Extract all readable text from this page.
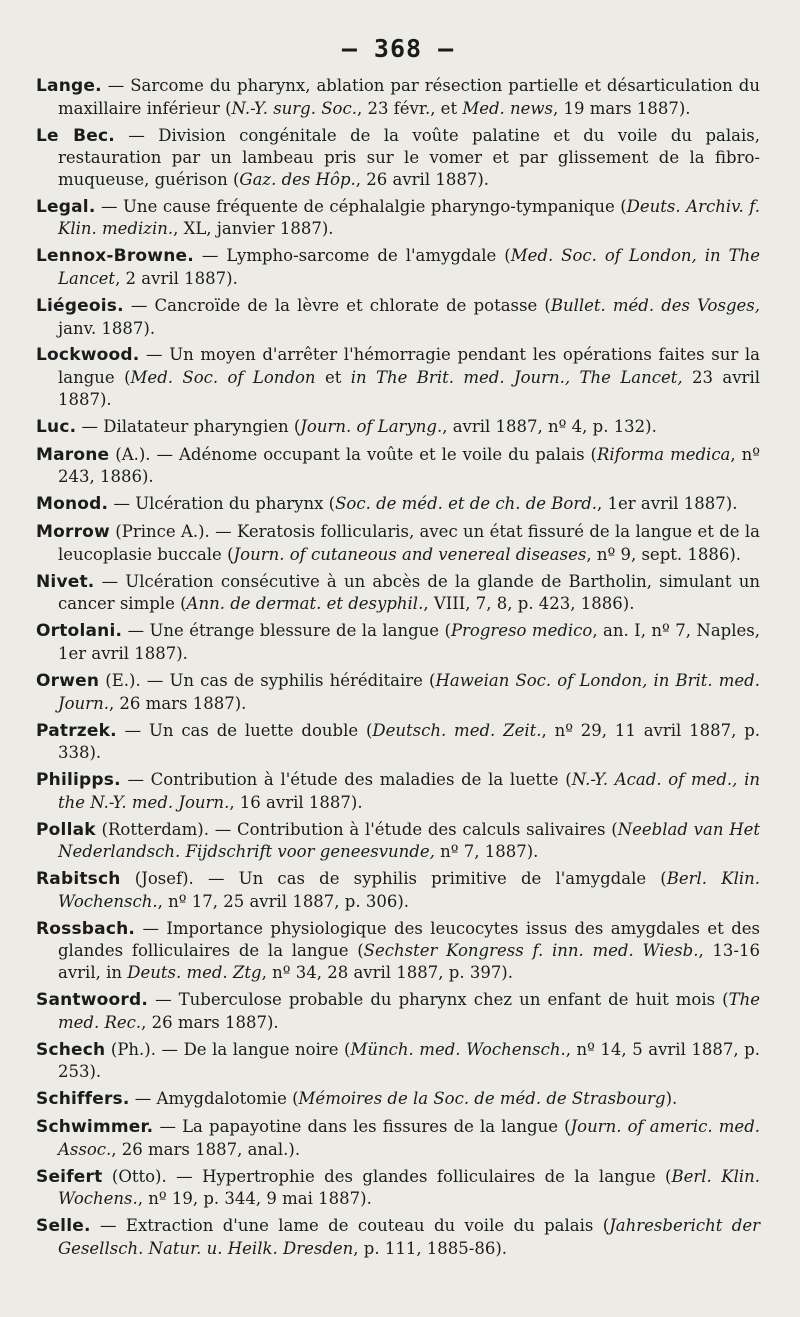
— 368 —
Lange. — Sarcome du pharynx, ablation par résection partielle et désarticulation du maxillaire inférieur (N.-Y. surg. Soc., 23 févr., et Med. news, 19 mars 1887).
Le Bec. — Division congénitale de la voûte palatine et du voile du palais, restauration par un lambeau pris sur le vomer et par glissement de la fibro-muqueuse, guérison (Gaz. des Hôp., 26 avril 1887).
Legal. — Une cause fréquente de céphalalgie pharyngo-tympanique (Deuts. Archiv. f. Klin. medizin., XL, janvier 1887).
Lennox-Browne. — Lympho-sarcome de l'amygdale (Med. Soc. of London, in The Lancet, 2 avril 1887).
Liégeois. — Cancroïde de la lèvre et chlorate de potasse (Bullet. méd. des Vosges, janv. 1887).
Lockwood. — Un moyen d'arrêter l'hémorragie pendant les opérations faites sur la langue (Med. Soc. of London et in The Brit. med. Journ., The Lancet, 23 avril 1887).
Luc. — Dilatateur pharyngien (Journ. of Laryng., avril 1887, nº 4, p. 132).
Marone (A.). — Adénome occupant la voûte et le voile du palais (Riforma medica, nº 243, 1886).
Monod. — Ulcération du pharynx (Soc. de méd. et de ch. de Bord., 1er avril 1887).
Morrow (Prince A.). — Keratosis follicularis, avec un état fissuré de la langue et de la leucoplasie buccale (Journ. of cutaneous and venereal diseases, nº 9, sept. 1886).
Nivet. — Ulcération consécutive à un abcès de la glande de Bartholin, simulant un cancer simple (Ann. de dermat. et desyphil., VIII, 7, 8, p. 423, 1886).
Ortolani. — Une étrange blessure de la langue (Progreso medico, an. I, nº 7, Naples, 1er avril 1887).
Orwen (E.). — Un cas de syphilis héréditaire (Haweian Soc. of London, in Brit. med. Journ., 26 mars 1887).
Patrzek. — Un cas de luette double (Deutsch. med. Zeit., nº 29, 11 avril 1887, p. 338).
Philipps. — Contribution à l'étude des maladies de la luette (N.-Y. Acad. of med., in the N.-Y. med. Journ., 16 avril 1887).
Pollak (Rotterdam). — Contribution à l'étude des calculs salivaires (Neeblad van Het Nederlandsch. Fijdschrift voor geneesvunde, nº 7, 1887).
Rabitsch (Josef). — Un cas de syphilis primitive de l'amygdale (Berl. Klin. Wochensch., nº 17, 25 avril 1887, p. 306).
Rossbach. — Importance physiologique des leucocytes issus des amygdales et des glandes folliculaires de la langue (Sechster Kongress f. inn. med. Wiesb., 13-16 avril, in Deuts. med. Ztg, nº 34, 28 avril 1887, p. 397).
Santwoord. — Tuberculose probable du pharynx chez un enfant de huit mois (The med. Rec., 26 mars 1887).
Schech (Ph.). — De la langue noire (Münch. med. Wochensch., nº 14, 5 avril 1887, p. 253).
Schiffers. — Amygdalotomie (Mémoires de la Soc. de méd. de Strasbourg).
Schwimmer. — La papayotine dans les fissures de la langue (Journ. of americ. med. Assoc., 26 mars 1887, anal.).
Seifert (Otto). — Hypertrophie des glandes folliculaires de la langue (Berl. Klin. Wochens., nº 19, p. 344, 9 mai 1887).
Selle. — Extraction d'une lame de couteau du voile du palais (Jahresbericht der Gesellsch. Natur. u. Heilk. Dresden, p. 111, 1885-86).
